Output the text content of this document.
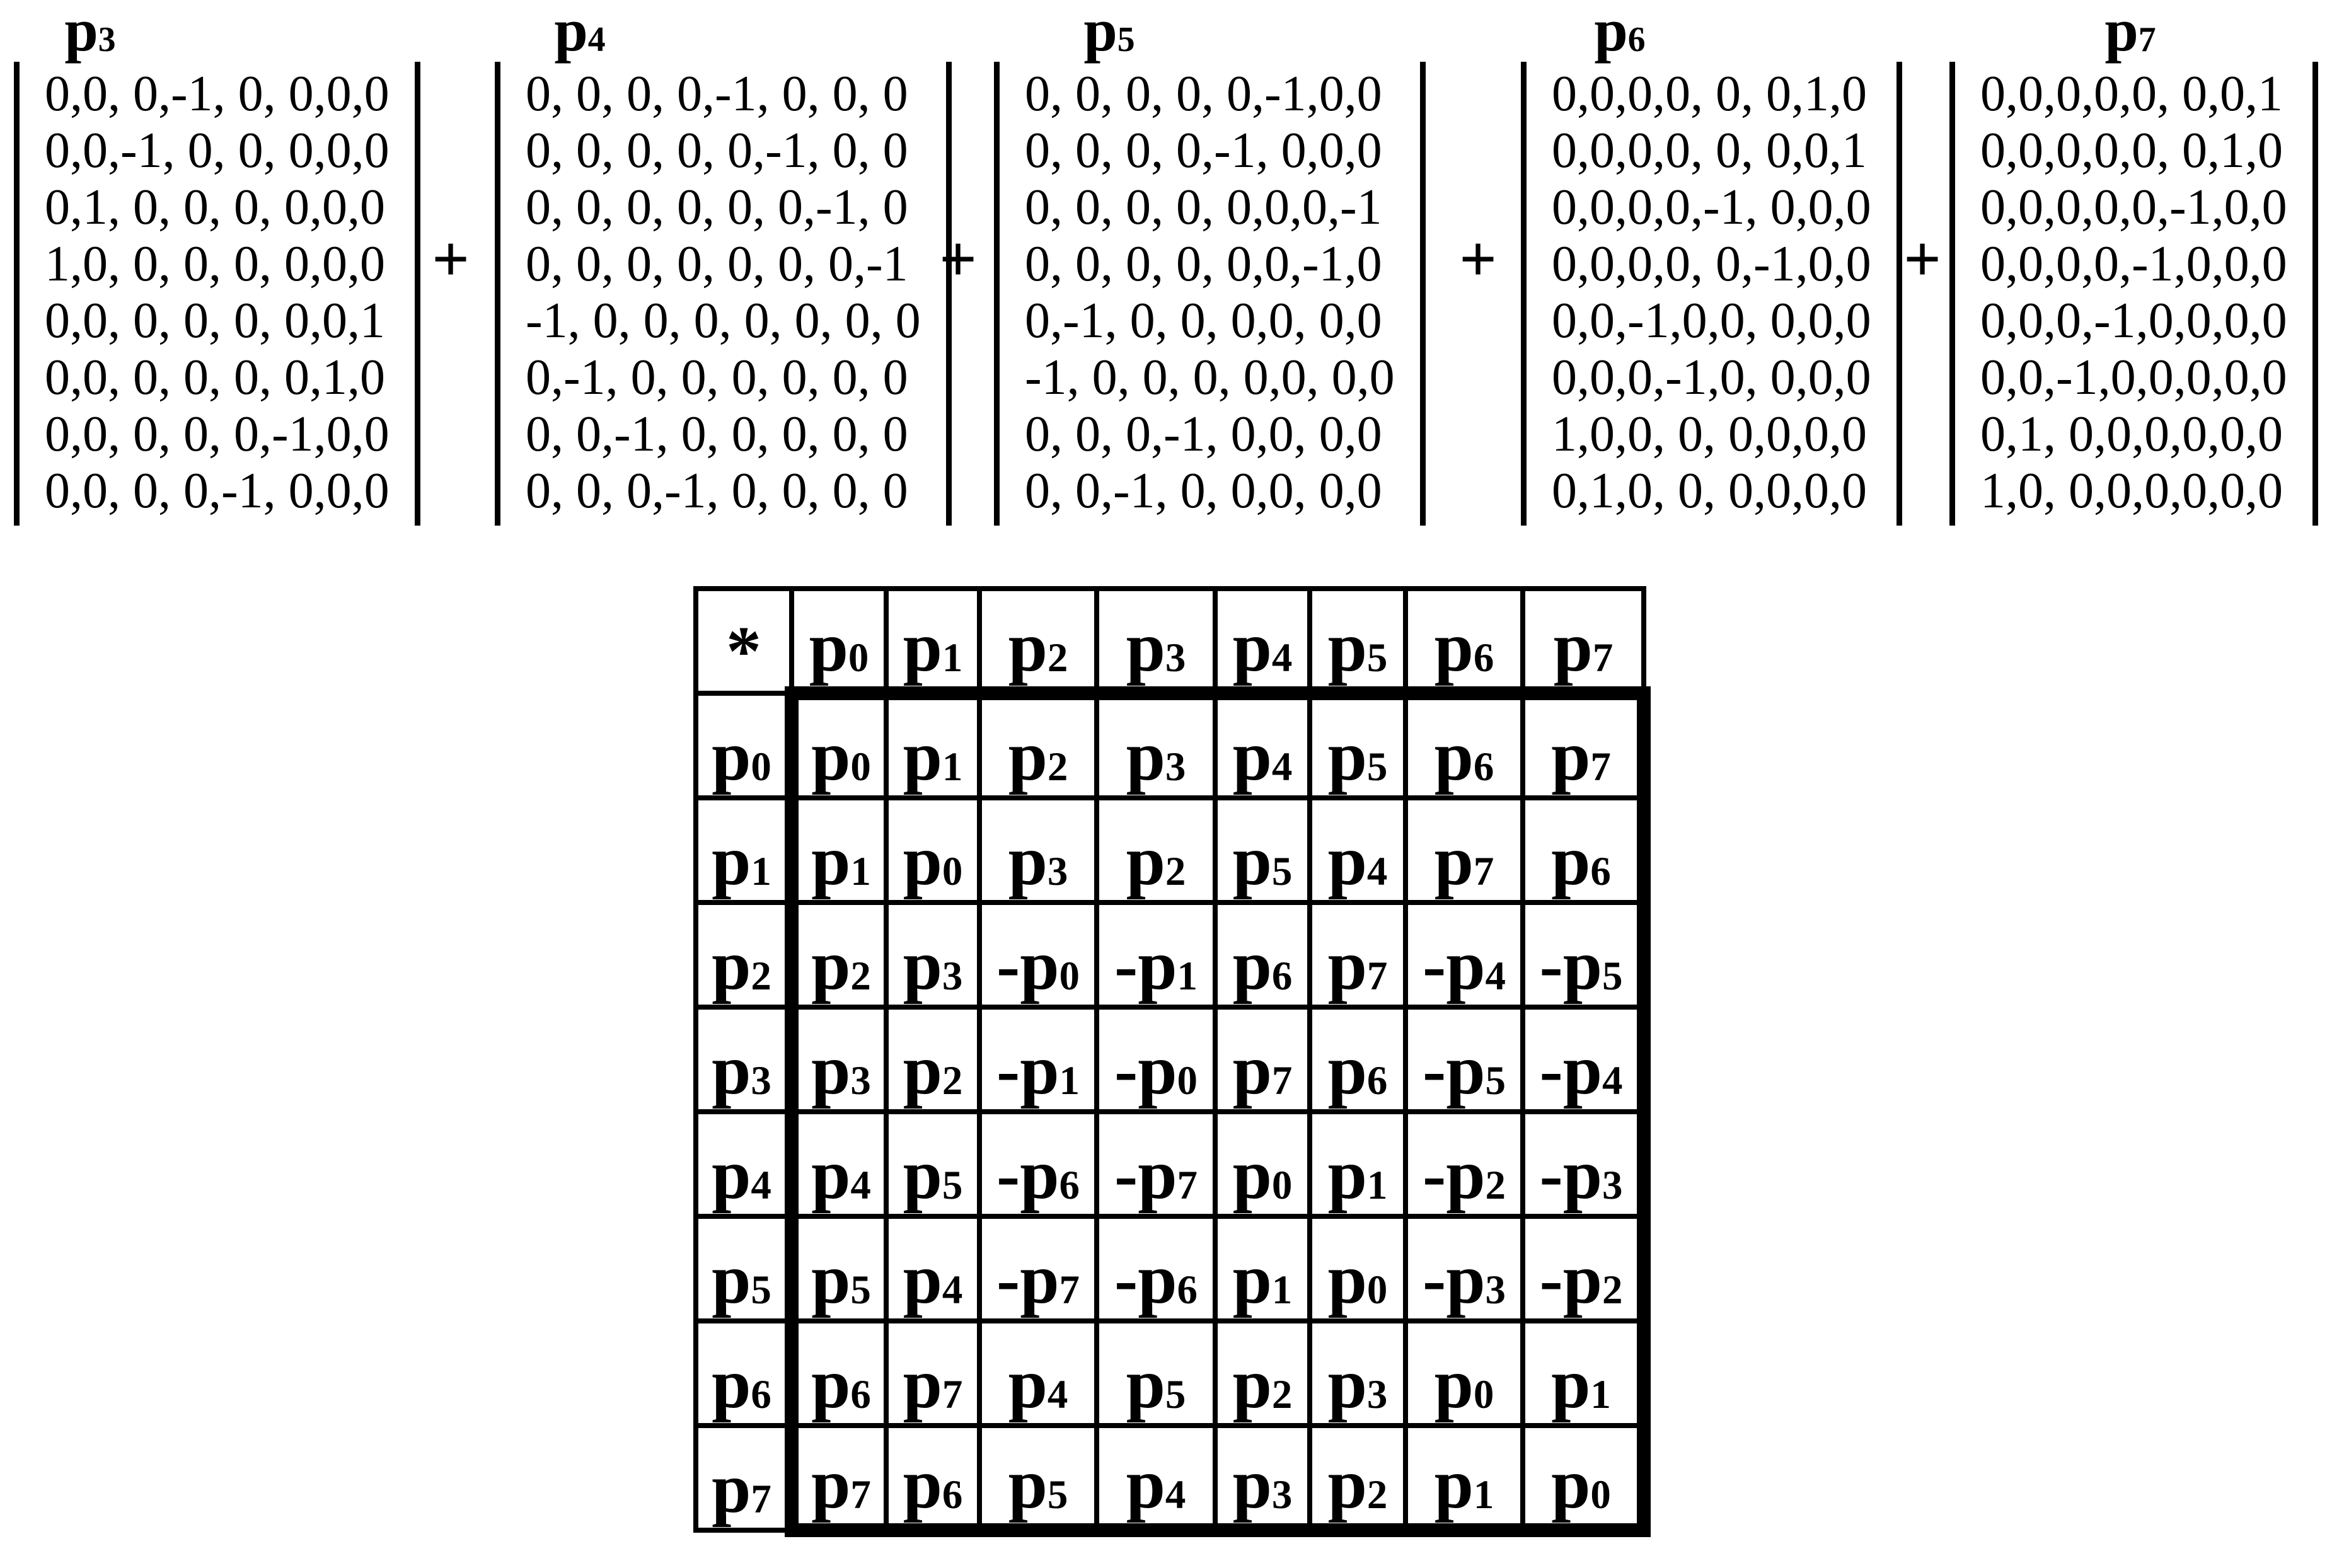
p3
0,0, 0,-1, 0, 0,0,0
0,0,-1, 0, 0, 0,0,0
0,1, 0, 0, 0, 0,0,0
1,0, 0, 0, 0, 0,0,0
0,0, 0, 0, 0, 0,0,1
0,0, 0, 0, 0, 0,1,0
0,0, 0, 0, 0,-1,0,0
0,0, 0, 0,-1, 0,0,0
p4
0, 0, 0, 0,-1, 0, 0, 0
0, 0, 0, 0, 0,-1, 0, 0
0, 0, 0, 0, 0, 0,-1, 0
0, 0, 0, 0, 0, 0, 0,-1
-1, 0, 0, 0, 0, 0, 0, 0
0,-1, 0, 0, 0, 0, 0, 0
0, 0,-1, 0, 0, 0, 0, 0
0, 0, 0,-1, 0, 0, 0, 0
p5
0, 0, 0, 0, 0,-1,0,0
0, 0, 0, 0,-1, 0,0,0
0, 0, 0, 0, 0,0,0,-1
0, 0, 0, 0, 0,0,-1,0
0,-1, 0, 0, 0,0, 0,0
-1, 0, 0, 0, 0,0, 0,0
0, 0, 0,-1, 0,0, 0,0
0, 0,-1, 0, 0,0, 0,0
p6
0,0,0,0, 0, 0,1,0
0,0,0,0, 0, 0,0,1
0,0,0,0,-1, 0,0,0
0,0,0,0, 0,-1,0,0
0,0,-1,0,0, 0,0,0
0,0,0,-1,0, 0,0,0
1,0,0, 0, 0,0,0,0
0,1,0, 0, 0,0,0,0
p7
0,0,0,0,0, 0,0,1
0,0,0,0,0, 0,1,0
0,0,0,0,0,-1,0,0
0,0,0,0,-1,0,0,0
0,0,0,-1,0,0,0,0
0,0,-1,0,0,0,0,0
0,1, 0,0,0,0,0,0
1,0, 0,0,0,0,0,0
+	+	+	+
*	p0	p1	p2	p3	p4	p5	p6	p7
p0	p0	p1	p2	p3	p4	p5	p6	p7
p1	p1	p0	p3	p2	p5	p4	p7	p6
p2	p2	p3	-p0	-p1	p6	p7	-p4	-p5
p3	p3	p2	-p1	-p0	p7	p6	-p5	-p4
p4	p4	p5	-p6	-p7	p0	p1	-p2	-p3
p5	p5	p4	-p7	-p6	p1	p0	-p3	-p2
p6	p6	p7	p4	p5	p2	p3	p0	p1
p7	p7	p6	p5	p4	p3	p2	p1	p0
